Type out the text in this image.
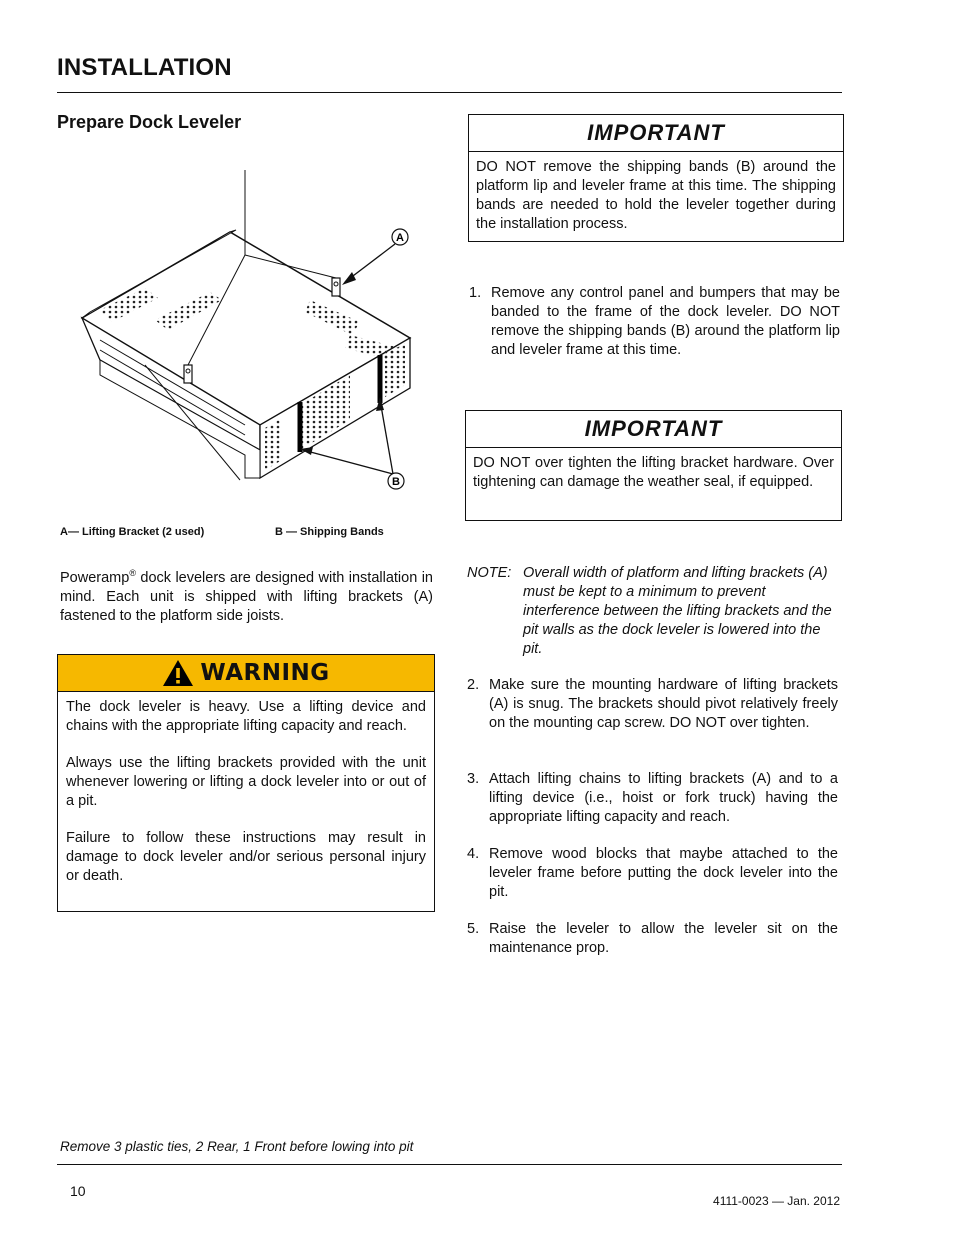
INSTALLATION
Prepare Dock Leveler
A
B
A— Lifting Bracket (2 used)	B — Shipping Bands
Poweramp® dock levelers are designed with installation in mind. Each unit is shipped with lifting brackets (A) fastened to the platform side joists.
WARNING

The dock leveler is heavy. Use a lifting device and chains with the appropriate lifting capacity and reach.

Always use the lifting brackets provided with the unit whenever lowering or lifting a dock leveler into or out of a pit.

Failure to follow these instructions may result in damage to dock leveler and/or serious personal injury or death.

IMPORTANT
DO NOT remove the shipping bands (B) around the platform lip and leveler frame at this time. The shipping bands are needed to hold the leveler together during the installation process.
1. Remove any control panel and bumpers that may be banded to the frame of the dock leveler. DO NOT remove the shipping bands (B) around the platform lip and leveler frame at this time.
IMPORTANT
DO NOT over tighten the lifting bracket hardware. Over tightening can damage the weather seal, if equipped.
NOTE: Overall width of platform and lifting brackets (A) must be kept to a minimum to prevent interference between the lifting brackets and the pit walls as the dock leveler is lowered into the pit.
2. Make sure the mounting hardware of lifting brackets (A) is snug. The brackets should pivot relatively freely on the mounting cap screw. DO NOT over tighten.
3. Attach lifting chains to lifting brackets (A) and to a lifting device (i.e., hoist or fork truck) having the appropriate lifting capacity and reach.
4. Remove wood blocks that maybe attached to the leveler frame before putting the dock leveler into the pit.
5. Raise the leveler to allow the leveler sit on the maintenance prop.
Remove 3 plastic ties, 2 Rear, 1 Front before lowing into pit
10
4111-0023 — Jan. 2012
